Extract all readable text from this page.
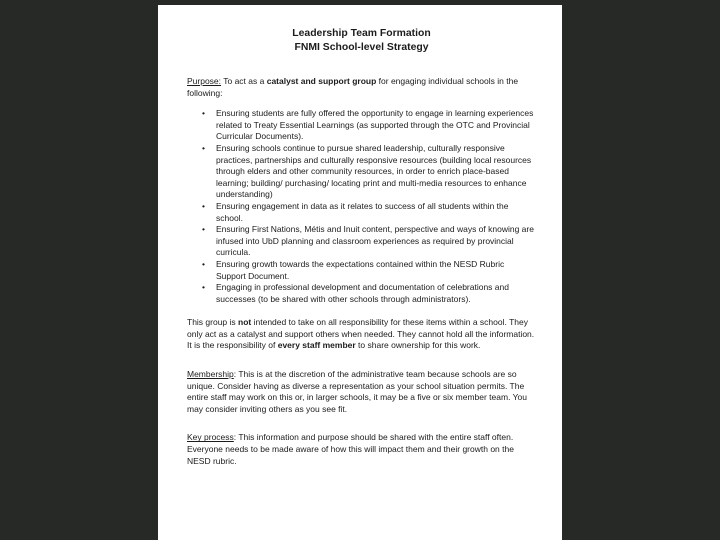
Leadership Team Formation
FNMI School-level Strategy

Purpose: To act as a catalyst and support group for engaging individual schools in the following:

• Ensuring students are fully offered the opportunity to engage in learning experiences related to Treaty Essential Learnings (as supported through the OTC and Provincial Curricular Documents).
• Ensuring schools continue to pursue shared leadership, culturally responsive practices, partnerships and culturally responsive resources (building local resources through elders and other community resources, in order to enrich place-based learning; building/ purchasing/ locating print and multi-media resources to enhance understanding)
• Ensuring engagement in data as it relates to success of all students within the school.
• Ensuring First Nations, Métis and Inuit content, perspective and ways of knowing are infused into UbD planning and classroom experiences as required by provincial curricula.
• Ensuring growth towards the expectations contained within the NESD Rubric Support Document.
• Engaging in professional development and documentation of celebrations and successes (to be shared with other schools through administrators).

This group is not intended to take on all responsibility for these items within a school. They only act as a catalyst and support others when needed. They cannot hold all the information. It is the responsibility of every staff member to share ownership for this work.

Membership: This is at the discretion of the administrative team because schools are so unique. Consider having as diverse a representation as your school situation permits. The entire staff may work on this or, in larger schools, it may be a five or six member team. You may consider inviting others as you see fit.

Key process: This information and purpose should be shared with the entire staff often. Everyone needs to be made aware of how this will impact them and their growth on the NESD rubric.
